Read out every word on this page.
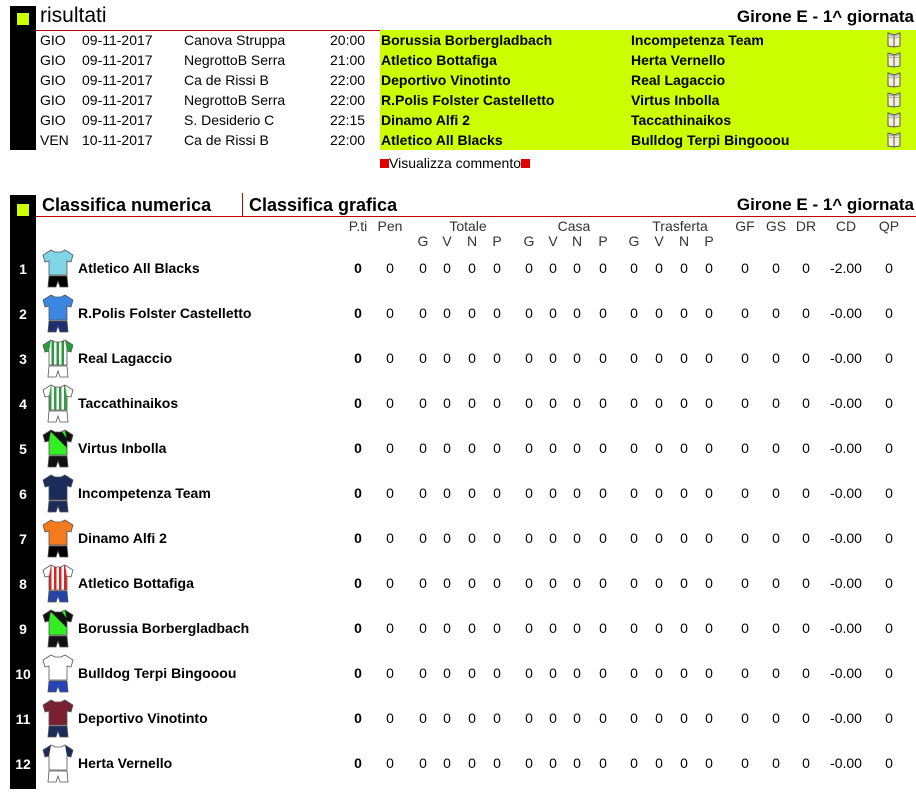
risultati	Girone E - 1^ giornata
GIO 09-11-2017 Canova Struppa	20:00 Borussia Borbergladbach	Incompetenza Team
GIO 09-11-2017 NegrottoB Serra	21:00 Atletico Bottafiga	Herta Vernello
GIO 09-11-2017 Ca de Rissi B	22:00 Deportivo Vinotinto	Real Lagaccio
GIO 09-11-2017 NegrottoB Serra	22:00 R.Polis Folster Castelletto	Virtus Inbolla
GIO 09-11-2017 S. Desiderio C	22:15 Dinamo Alfi 2	Taccathinaikos
VEN 10-11-2017 Ca de Rissi B	22:00 Atletico All Blacks	Bulldog Terpi Bingooou
Visualizza commento
Classifica numerica Classifica grafica	Girone E - 1^ giornata
P.ti Pen	Totale	Casa	Trasferta GF GS DR CD QP
G V N P G V N P G V N P
1	Atletico All Blacks	0 0 0 0 0 0 0 0 0 0 0 0 0 0 0 0 0 -2.00 0
2	R.Polis Folster Castelletto	0 0 0 0 0 0 0 0 0 0 0 0 0 0 0 0 0 -0.00 0
3	Real Lagaccio	0 0 0 0 0 0 0 0 0 0 0 0 0 0 0 0 0 -0.00 0
4	Taccathinaikos	0 0 0 0 0 0 0 0 0 0 0 0 0 0 0 0 0 -0.00 0
5	Virtus Inbolla	0 0 0 0 0 0 0 0 0 0 0 0 0 0 0 0 0 -0.00 0
6	Incompetenza Team	0 0 0 0 0 0 0 0 0 0 0 0 0 0 0 0 0 -0.00 0
7	Dinamo Alfi 2	0 0 0 0 0 0 0 0 0 0 0 0 0 0 0 0 0 -0.00 0
8	Atletico Bottafiga	0 0 0 0 0 0 0 0 0 0 0 0 0 0 0 0 0 -0.00 0
9	Borussia Borbergladbach	0 0 0 0 0 0 0 0 0 0 0 0 0 0 0 0 0 -0.00 0
10	Bulldog Terpi Bingooou	0 0 0 0 0 0 0 0 0 0 0 0 0 0 0 0 0 -0.00 0
11	Deportivo Vinotinto	0 0 0 0 0 0 0 0 0 0 0 0 0 0 0 0 0 -0.00 0
12	Herta Vernello	0 0 0 0 0 0 0 0 0 0 0 0 0 0 0 0 0 -0.00 0
